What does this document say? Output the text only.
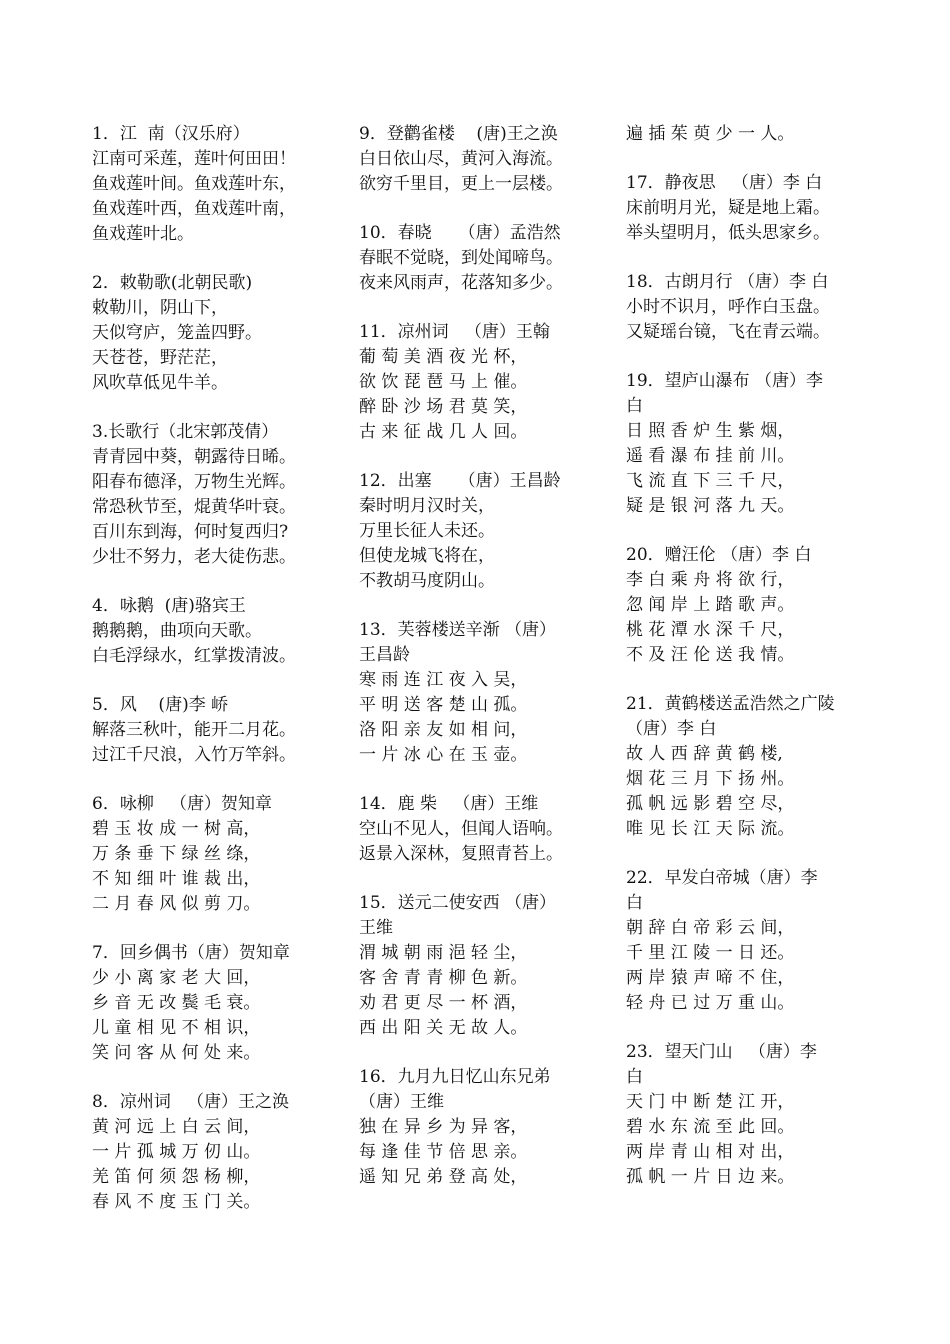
1．江  南（汉乐府）
江南可采莲，莲叶何田田！
鱼戏莲叶间。鱼戏莲叶东，
鱼戏莲叶西，鱼戏莲叶南，
鱼戏莲叶北。
2．敕勒歌(北朝民歌)
敕勒川，阴山下，
天似穹庐，笼盖四野。
天苍苍，野茫茫，
风吹草低见牛羊。
3.长歌行（北宋郭茂倩）
青青园中葵，朝露待日晞。
阳春布德泽，万物生光辉。
常恐秋节至，焜黄华叶衰。
百川东到海，何时复西归?
少壮不努力，老大徒伤悲。
4．咏鹅  (唐)骆宾王
鹅鹅鹅，曲项向天歌。
白毛浮绿水，红掌拨清波。
5．风    (唐)李 峤
解落三秋叶，能开二月花。
过江千尺浪，入竹万竿斜。
6．咏柳   （唐）贺知章
碧 玉 妆 成 一 树 高，
万 条 垂 下 绿 丝 绦，
不 知 细 叶 谁 裁 出，
二 月 春 风 似 剪 刀。
7．回乡偶书（唐）贺知章
少 小 离 家 老 大 回，
乡 音 无 改 鬓 毛 衰。
儿 童 相 见 不 相 识，
笑 问 客 从 何 处 来。
8．凉州词   （唐）王之涣
黄 河 远 上 白 云 间，
一 片 孤 城 万 仞 山。
羌 笛 何 须 怨 杨 柳，
春 风 不 度 玉 门 关。
9．登鹳雀楼    (唐)王之涣
白日依山尽，黄河入海流。
欲穷千里目，更上一层楼。
10．春晓     （唐）孟浩然
春眠不觉晓，到处闻啼鸟。
夜来风雨声，花落知多少。
11．凉州词   （唐）王翰
葡 萄 美 酒 夜 光 杯，
欲 饮 琵 琶 马 上 催。
醉 卧 沙 场 君 莫 笑，
古 来 征 战 几 人 回。
12．出塞     （唐）王昌龄
秦时明月汉时关，
万里长征人未还。
但使龙城飞将在，
不教胡马度阴山。
13．芙蓉楼送辛渐 （唐）
王昌龄
寒 雨 连 江 夜 入 吴，
平 明 送 客 楚 山 孤。
洛 阳 亲 友 如 相 问，
一 片 冰 心 在 玉 壶。
14．鹿 柴   （唐）王维
空山不见人，但闻人语响。
返景入深林，复照青苔上。
15．送元二使安西 （唐）
王维
渭 城 朝 雨 浥 轻 尘，
客 舍 青 青 柳 色 新。
劝 君 更 尽 一 杯 酒，
西 出 阳 关 无 故 人。
16．九月九日忆山东兄弟
（唐）王维
独 在 异 乡 为 异 客，
每 逢 佳 节 倍 思 亲。
遥 知 兄 弟 登 高 处，
遍 插 茱 萸 少 一 人。
17．静夜思   （唐）李 白
床前明月光，疑是地上霜。
举头望明月，低头思家乡。
18．古朗月行 （唐）李 白
小时不识月，呼作白玉盘。
又疑瑶台镜，飞在青云端。
19．望庐山瀑布 （唐）李
白
日 照 香 炉 生 紫 烟，
遥 看 瀑 布 挂 前 川。
飞 流 直 下 三 千 尺，
疑 是 银 河 落 九 天。
20．赠汪伦 （唐）李 白
李 白 乘 舟 将 欲 行，
忽 闻 岸 上 踏 歌 声。
桃 花 潭 水 深 千 尺，
不 及 汪 伦 送 我 情。
21．黄鹤楼送孟浩然之广陵
（唐）李 白
故 人 西 辞 黄 鹤 楼,
烟 花 三 月 下 扬 州。
孤 帆 远 影 碧 空 尽，
唯 见 长 江 天 际 流。
22．早发白帝城（唐）李
白
朝 辞 白 帝 彩 云 间，
千 里 江 陵 一 日 还。
两 岸 猿 声 啼 不 住，
轻 舟 已 过 万 重 山。
23．望天门山   （唐）李
白
天 门 中 断 楚 江 开，
碧 水 东 流 至 此 回。
两 岸 青 山 相 对 出，
孤 帆 一 片 日 边 来。
